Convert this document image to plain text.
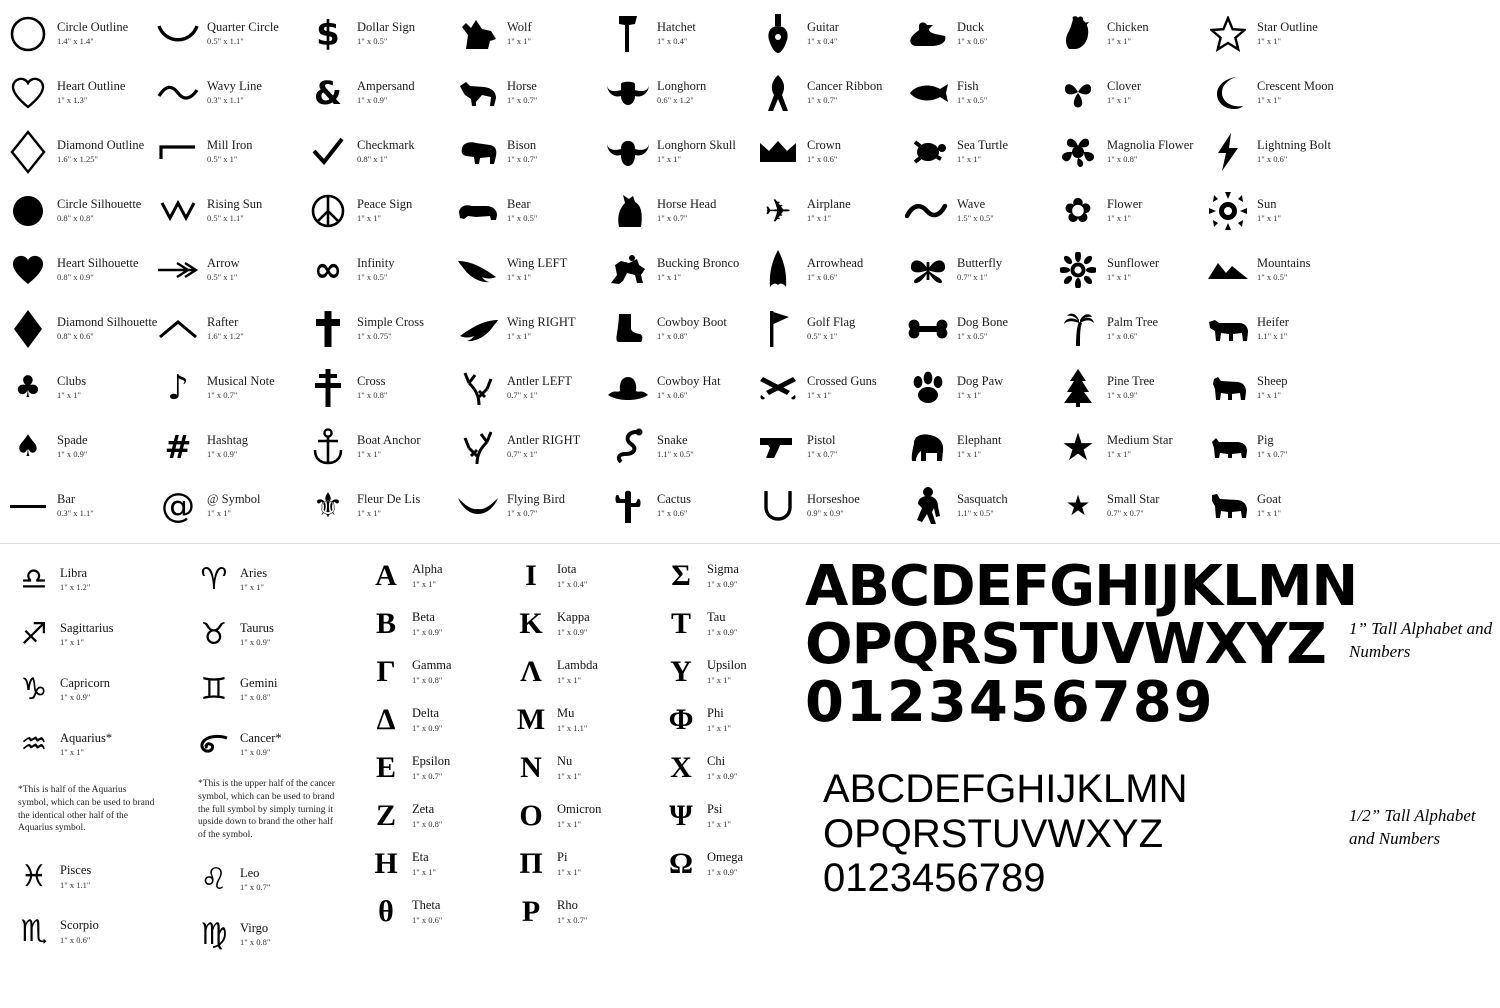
Circle Outline
1.4" x 1.4"
Heart Outline
1" x 1.3"
Diamond Outline
1.6" x 1.25"
Circle Silhouette
0.8" x 0.8"
Heart Silhouette
0.8" x 0.9"
Diamond Silhouette
0.8" x 0.6"
♣	Clubs
1" x 1"
♠	Spade
1" x 0.9"
Bar
0.3" x 1.1"
Quarter Circle
0.5" x 1.1"
Wavy Line
0.3" x 1.1"
Mill Iron
0.5" x 1"
Rising Sun
0.5" x 1.1"
Arrow
0.5" x 1"
Rafter
1.6" x 1.2"
♪	Musical Note
1" x 0.7"
#	Hashtag
1" x 0.9"
@ @ Symbol
1" x 1"
$	Dollar Sign
1" x 0.5"
&	Ampersand
1" x 0.9"
Checkmark
0.8" x 1"
Peace Sign
1" x 1"
∞	Infinity
1" x 0.5"
Simple Cross
1" x 0.75"
Cross
1" x 0.8"
Boat Anchor
1" x 1"
⚜	Fleur De Lis
1" x 1"
Wolf
1" x 1"
Horse
1" x 0.7"
Bison
1" x 0.7"
Bear
1" x 0.5"
Wing LEFT
1" x 1"
Wing RIGHT
1" x 1"
Antler LEFT
0.7" x 1"
Antler RIGHT
0.7" x 1"
Flying Bird
1" x 0.7"
Hatchet
1" x 0.4"
Longhorn
0.6" x 1.2"
Longhorn Skull
1" x 1"
Horse Head
1" x 0.7"
Bucking Bronco
1" x 1"
Cowboy Boot
1" x 0.8"
Cowboy Hat
1" x 0.6"
Snake
1.1" x 0.5"
Cactus
1" x 0.6"
Guitar
1" x 0.4"
Cancer Ribbon
1" x 0.7"
Crown
1" x 0.6"
✈	Airplane
1" x 1"
Arrowhead
1" x 0.6"
Golf Flag
0.5" x 1"
Crossed Guns
1" x 1"
Pistol
1" x 0.7"
Horseshoe
0.9" x 0.9"
Duck
1" x 0.6"
Fish
1" x 0.5"
Sea Turtle
1" x 1"
Wave
1.5" x 0.5"
Butterfly
0.7" x 1"
Dog Bone
1" x 0.5"
Dog Paw
1" x 1"
Elephant
1" x 1"
Sasquatch
1.1" x 0.5"
Chicken
1" x 1"
Clover
1" x 1"
Magnolia Flower
1" x 0.8"
✿	Flower
1" x 1"
Sunflower
1" x 1"
Palm Tree
1" x 0.6"
Pine Tree
1" x 0.9"
★ Medium Star
1" x 1"
★	Small Star
0.7" x 0.7"
Star Outline
1" x 1"
Crescent Moon
1" x 1"
Lightning Bolt
1" x 0.6"
Sun
1" x 1"
Mountains
1" x 0.5"
Heifer
1.1" x 1"
Sheep
1" x 1"
Pig
1" x 0.7"
Goat
1" x 1"
♎	Libra
1" x 1.2"
♐	Sagittarius
1" x 1"
♑	Capricorn
1" x 0.9"
♒	Aquarius*
1" x 1"
*This is half of the Aquarius symbol, which can be used to brand the identical other half of the Aquarius symbol.
♓	Pisces
1" x 1.1"
♏	Scorpio
1" x 0.6"
♈	Aries
1" x 1"
♉	Taurus
1" x 0.9"
♊	Gemini
1" x 0.8"
Cancer*
1" x 0.9"
*This is the upper half of the cancer symbol, which can be used to brand the full symbol by simply turning it upside down to brand the other half of the symbol.
♌	Leo
1" x 0.7"
♍	Virgo
1" x 0.8"
Α	Alpha
1" x 1"
Β	Beta
1" x 0.9"
Γ	Gamma
1" x 0.8"
Δ	Delta
1" x 0.9"
Ε	Epsilon
1" x 0.7"
Ζ	Zeta
1" x 0.8"
Η	Eta
1" x 1"
θ	Theta
1" x 0.6"
Ι	Iota
1" x 0.4"
Κ	Kappa
1" x 0.9"
Λ	Lambda
1" x 1"
Μ Mu
1" x 1.1"
Ν	Nu
1" x 1"
Ο	Omicron
1" x 1"
Π	Pi
1" x 1"
Ρ	Rho
1" x 0.7"
Σ	Sigma
1" x 0.9"
Τ	Tau
1" x 0.9"
Υ	Upsilon
1" x 1"
Φ	Phi
1" x 1"
Χ	Chi
1" x 0.9"
Ψ	Psi
1" x 1"
Ω	Omega
1" x 0.9"
ABCDEFGHIJKLMN
OPQRSTUVWXYZ
0123456789
1” Tall Alphabet and Numbers
ABCDEFGHIJKLMN
OPQRSTUVWXYZ
0123456789
1/2” Tall Alphabet and Numbers
